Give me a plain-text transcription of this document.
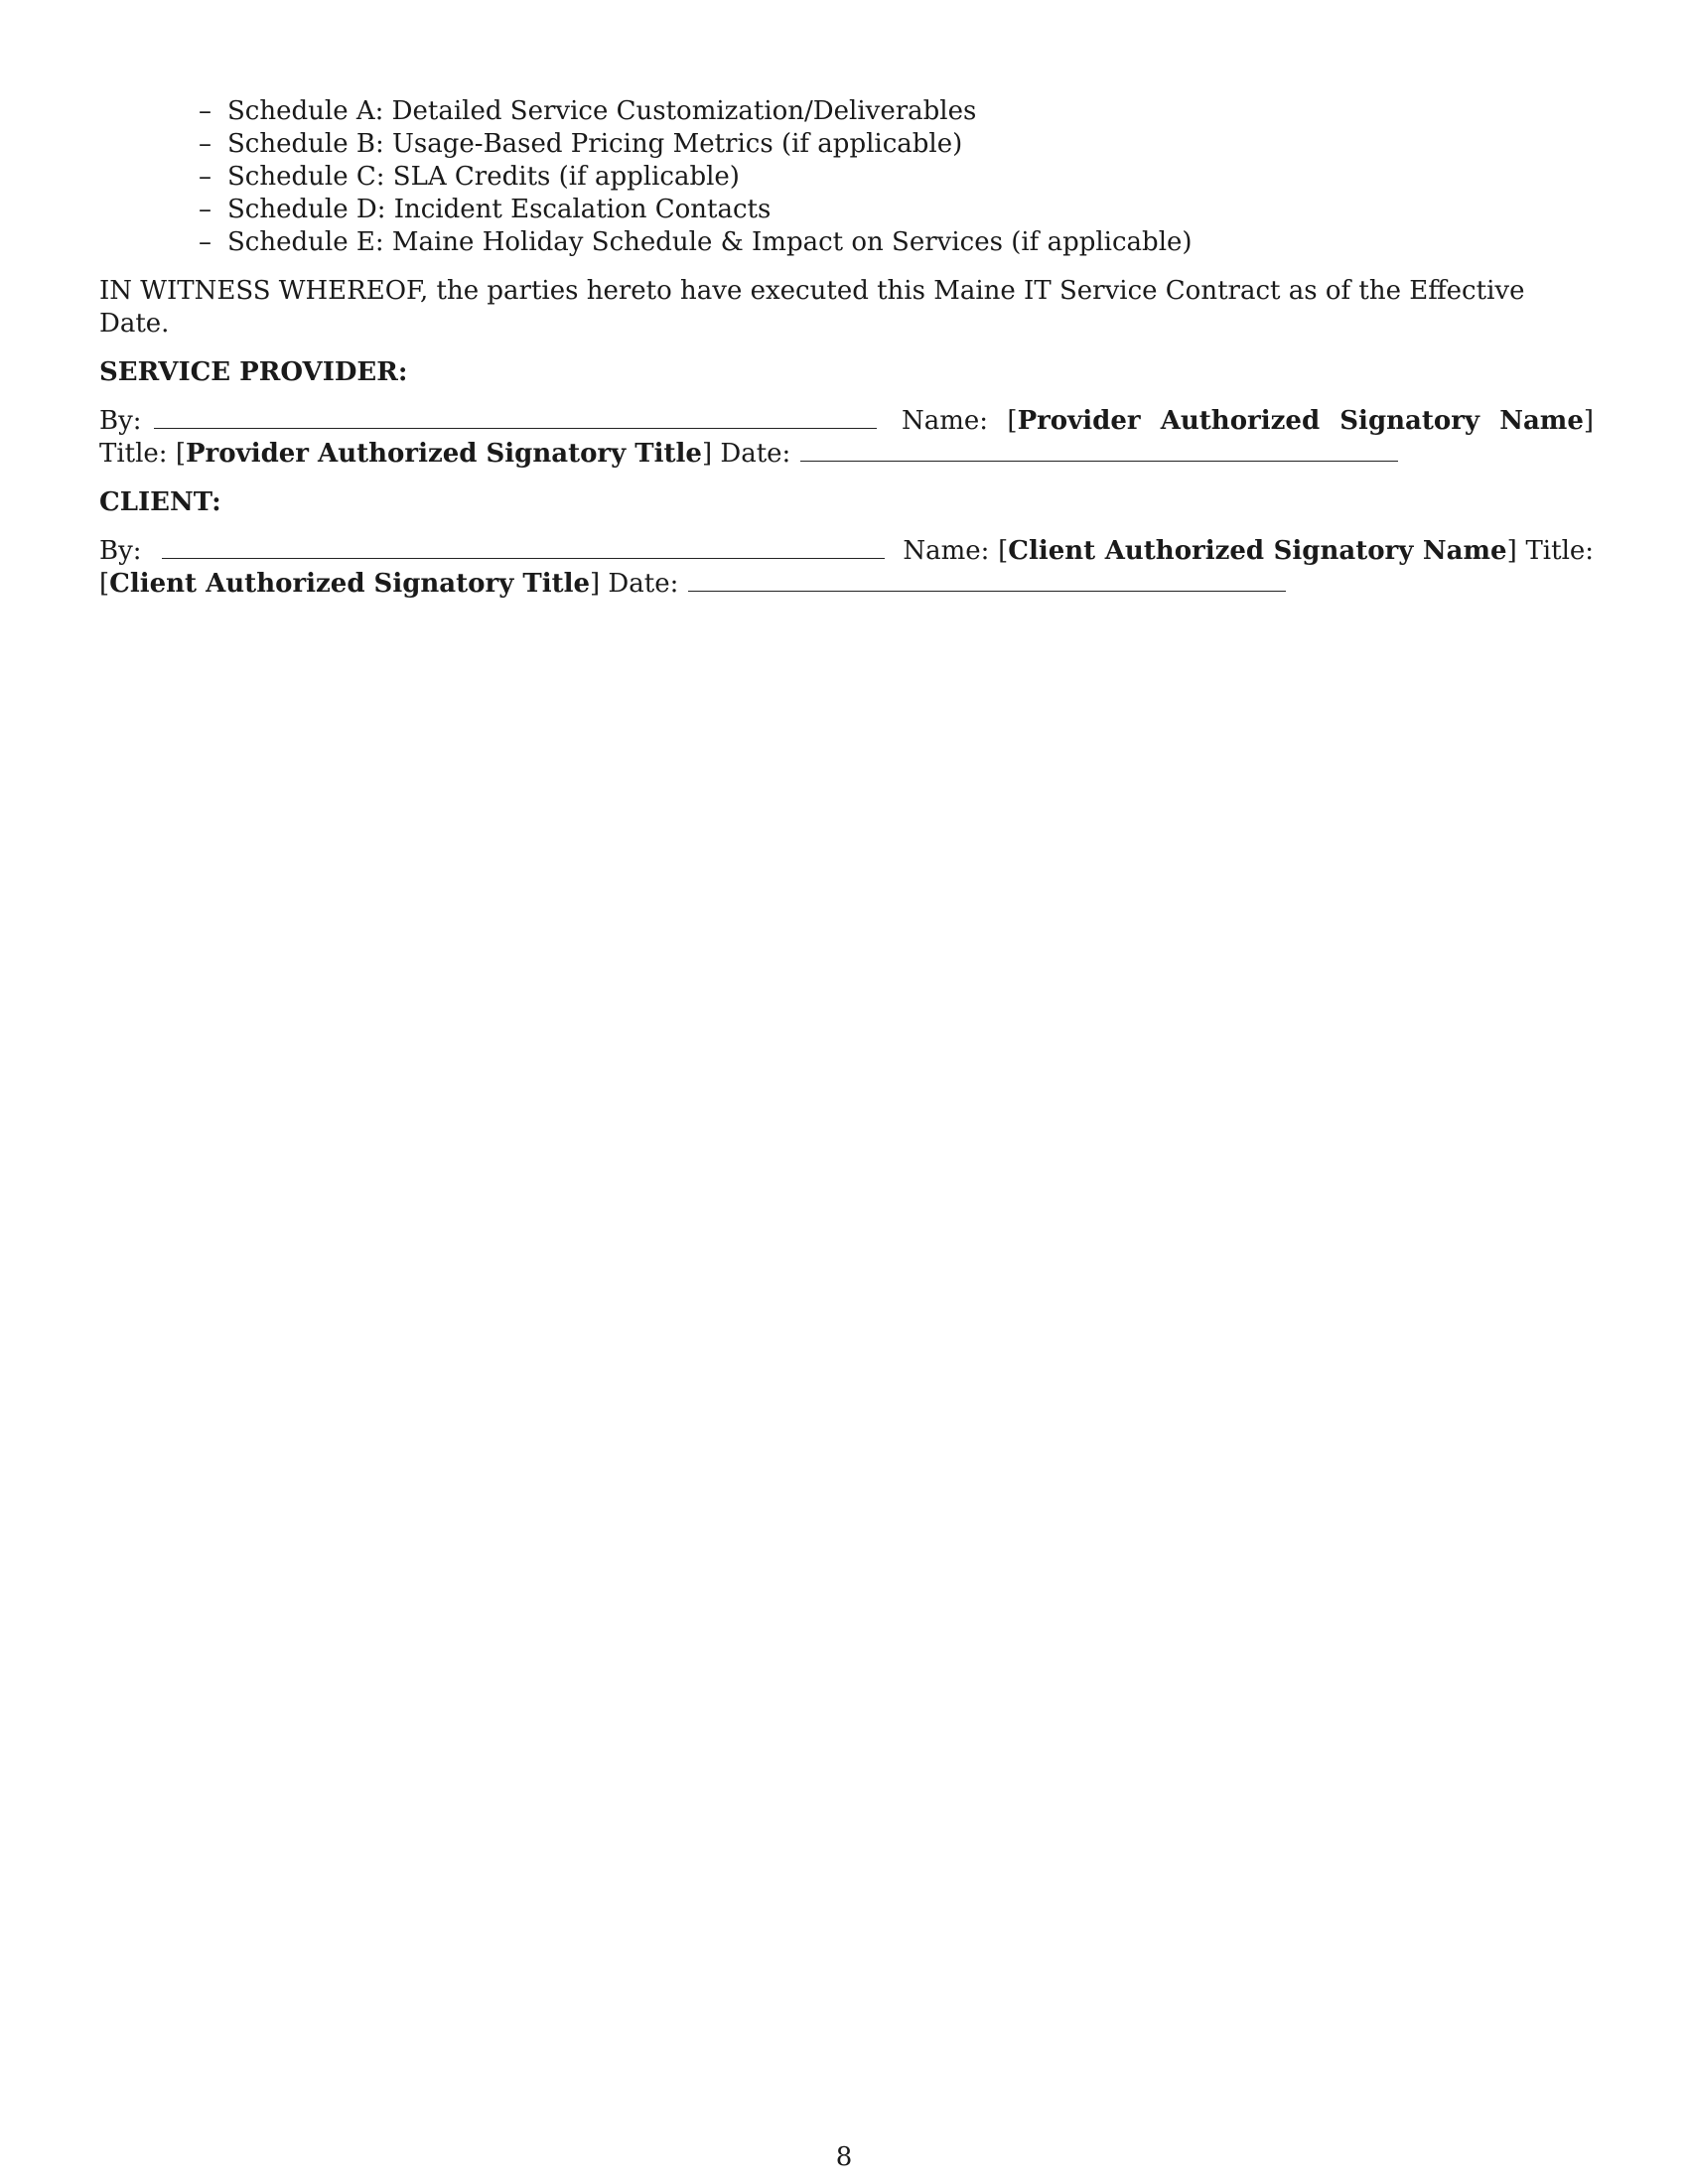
– Schedule A: Detailed Service Customization/Deliverables
– Schedule B: Usage-Based Pricing Metrics (if applicable)
– Schedule C: SLA Credits (if applicable)
– Schedule D: Incident Escalation Contacts
– Schedule E: Maine Holiday Schedule & Impact on Services (if applicable)

IN WITNESS WHEREOF, the parties hereto have executed this Maine IT Service Contract as of the Effective Date.

SERVICE PROVIDER:

By:	Name: [Provider Authorized Signatory Name] Title: [Provider Authorized Signatory Title] Date:

CLIENT:

By:	Name: [Client Authorized Signatory Name] Title: [Client Authorized Signatory Title] Date:

8
